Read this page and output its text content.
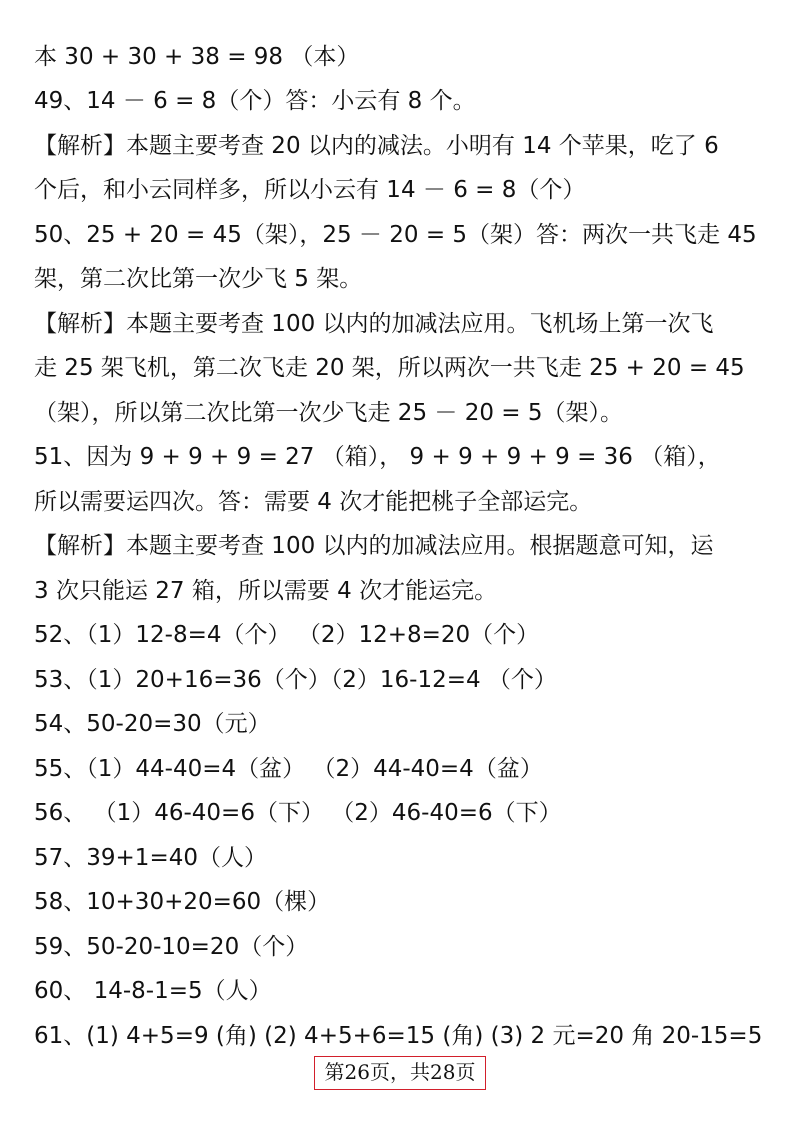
本 30 + 30 + 38 = 98 （本）
49、14 － 6 = 8（个）答：小云有 8 个。
【解析】本题主要考查 20 以内的减法。小明有 14 个苹果，吃了 6
个后，和小云同样多，所以小云有 14 － 6 = 8（个）
50、25 + 20 = 45（架），25 － 20 = 5（架）答：两次一共飞走 45
架，第二次比第一次少飞 5 架。
【解析】本题主要考查 100 以内的加减法应用。飞机场上第一次飞
走 25 架飞机，第二次飞走 20 架，所以两次一共飞走 25 + 20 = 45
（架），所以第二次比第一次少飞走 25 － 20 = 5（架）。
51、因为 9 + 9 + 9 = 27 （箱）， 9 + 9 + 9 + 9 = 36 （箱），
所以需要运四次。答：需要 4 次才能把桃子全部运完。
【解析】本题主要考查 100 以内的加减法应用。根据题意可知，运
3 次只能运 27 箱，所以需要 4 次才能运完。
52、（1）12-8=4（个） （2）12+8=20（个）
53、（1）20+16=36（个）（2）16-12=4 （个）
54、50-20=30（元）
55、（1）44-40=4（盆） （2）44-40=4（盆）
56、 （1）46-40=6（下） （2）46-40=6（下）
57、39+1=40（人）
58、10+30+20=60（棵）
59、50-20-10=20（个）
60、 14-8-1=5（人）
61、(1) 4+5=9 (角) (2) 4+5+6=15 (角) (3) 2 元=20 角 20-15=5
第26页，共28页
